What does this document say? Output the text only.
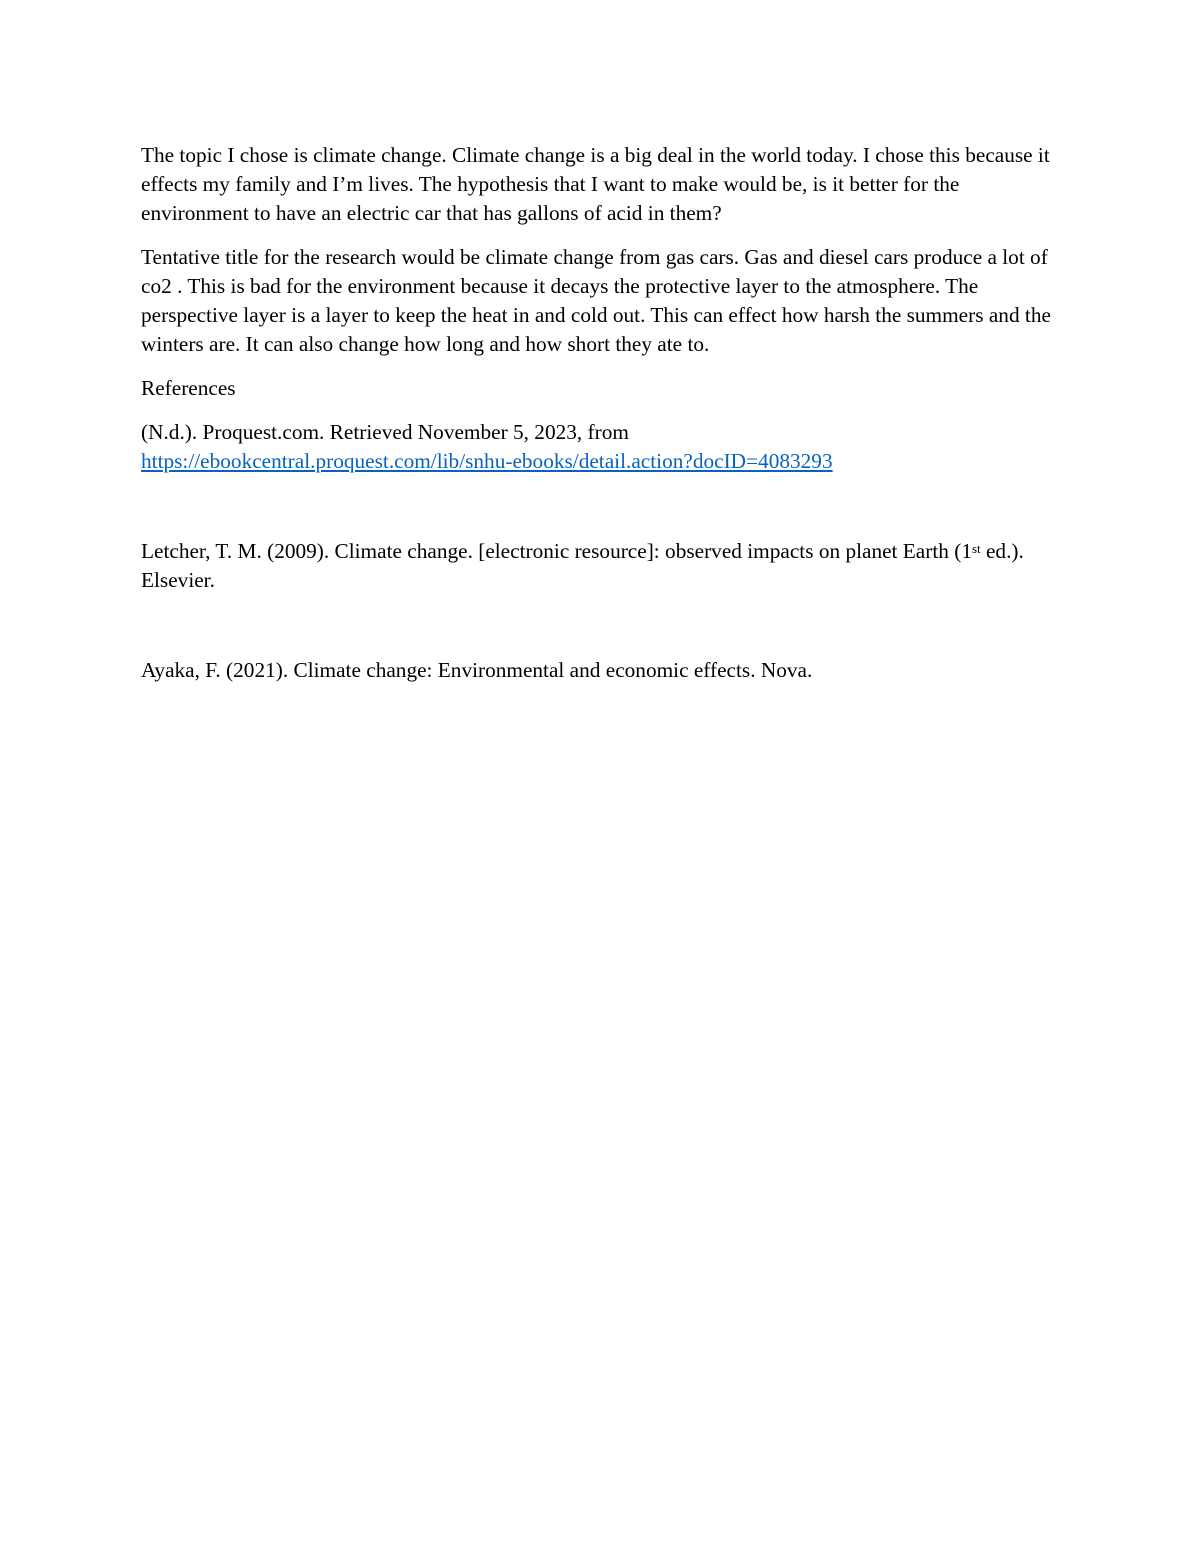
The topic I chose is climate change. Climate change is a big deal in the world today. I chose this because it effects my family and I’m lives. The hypothesis that I want to make would be, is it better for the environment to have an electric car that has gallons of acid in them?

Tentative title for the research would be climate change from gas cars. Gas and diesel cars produce a lot of co2 . This is bad for the environment because it decays the protective layer to the atmosphere. The perspective layer is a layer to keep the heat in and cold out. This can effect how harsh the summers and the winters are. It can also change how long and how short they ate to.

References

(N.d.). Proquest.com. Retrieved November 5, 2023, from
https://ebookcentral.proquest.com/lib/snhu-ebooks/detail.action?docID=4083293
Letcher, T. M. (2009). Climate change. [electronic resource]: observed impacts on planet Earth (1st ed.). Elsevier.
Ayaka, F. (2021). Climate change: Environmental and economic effects. Nova.
